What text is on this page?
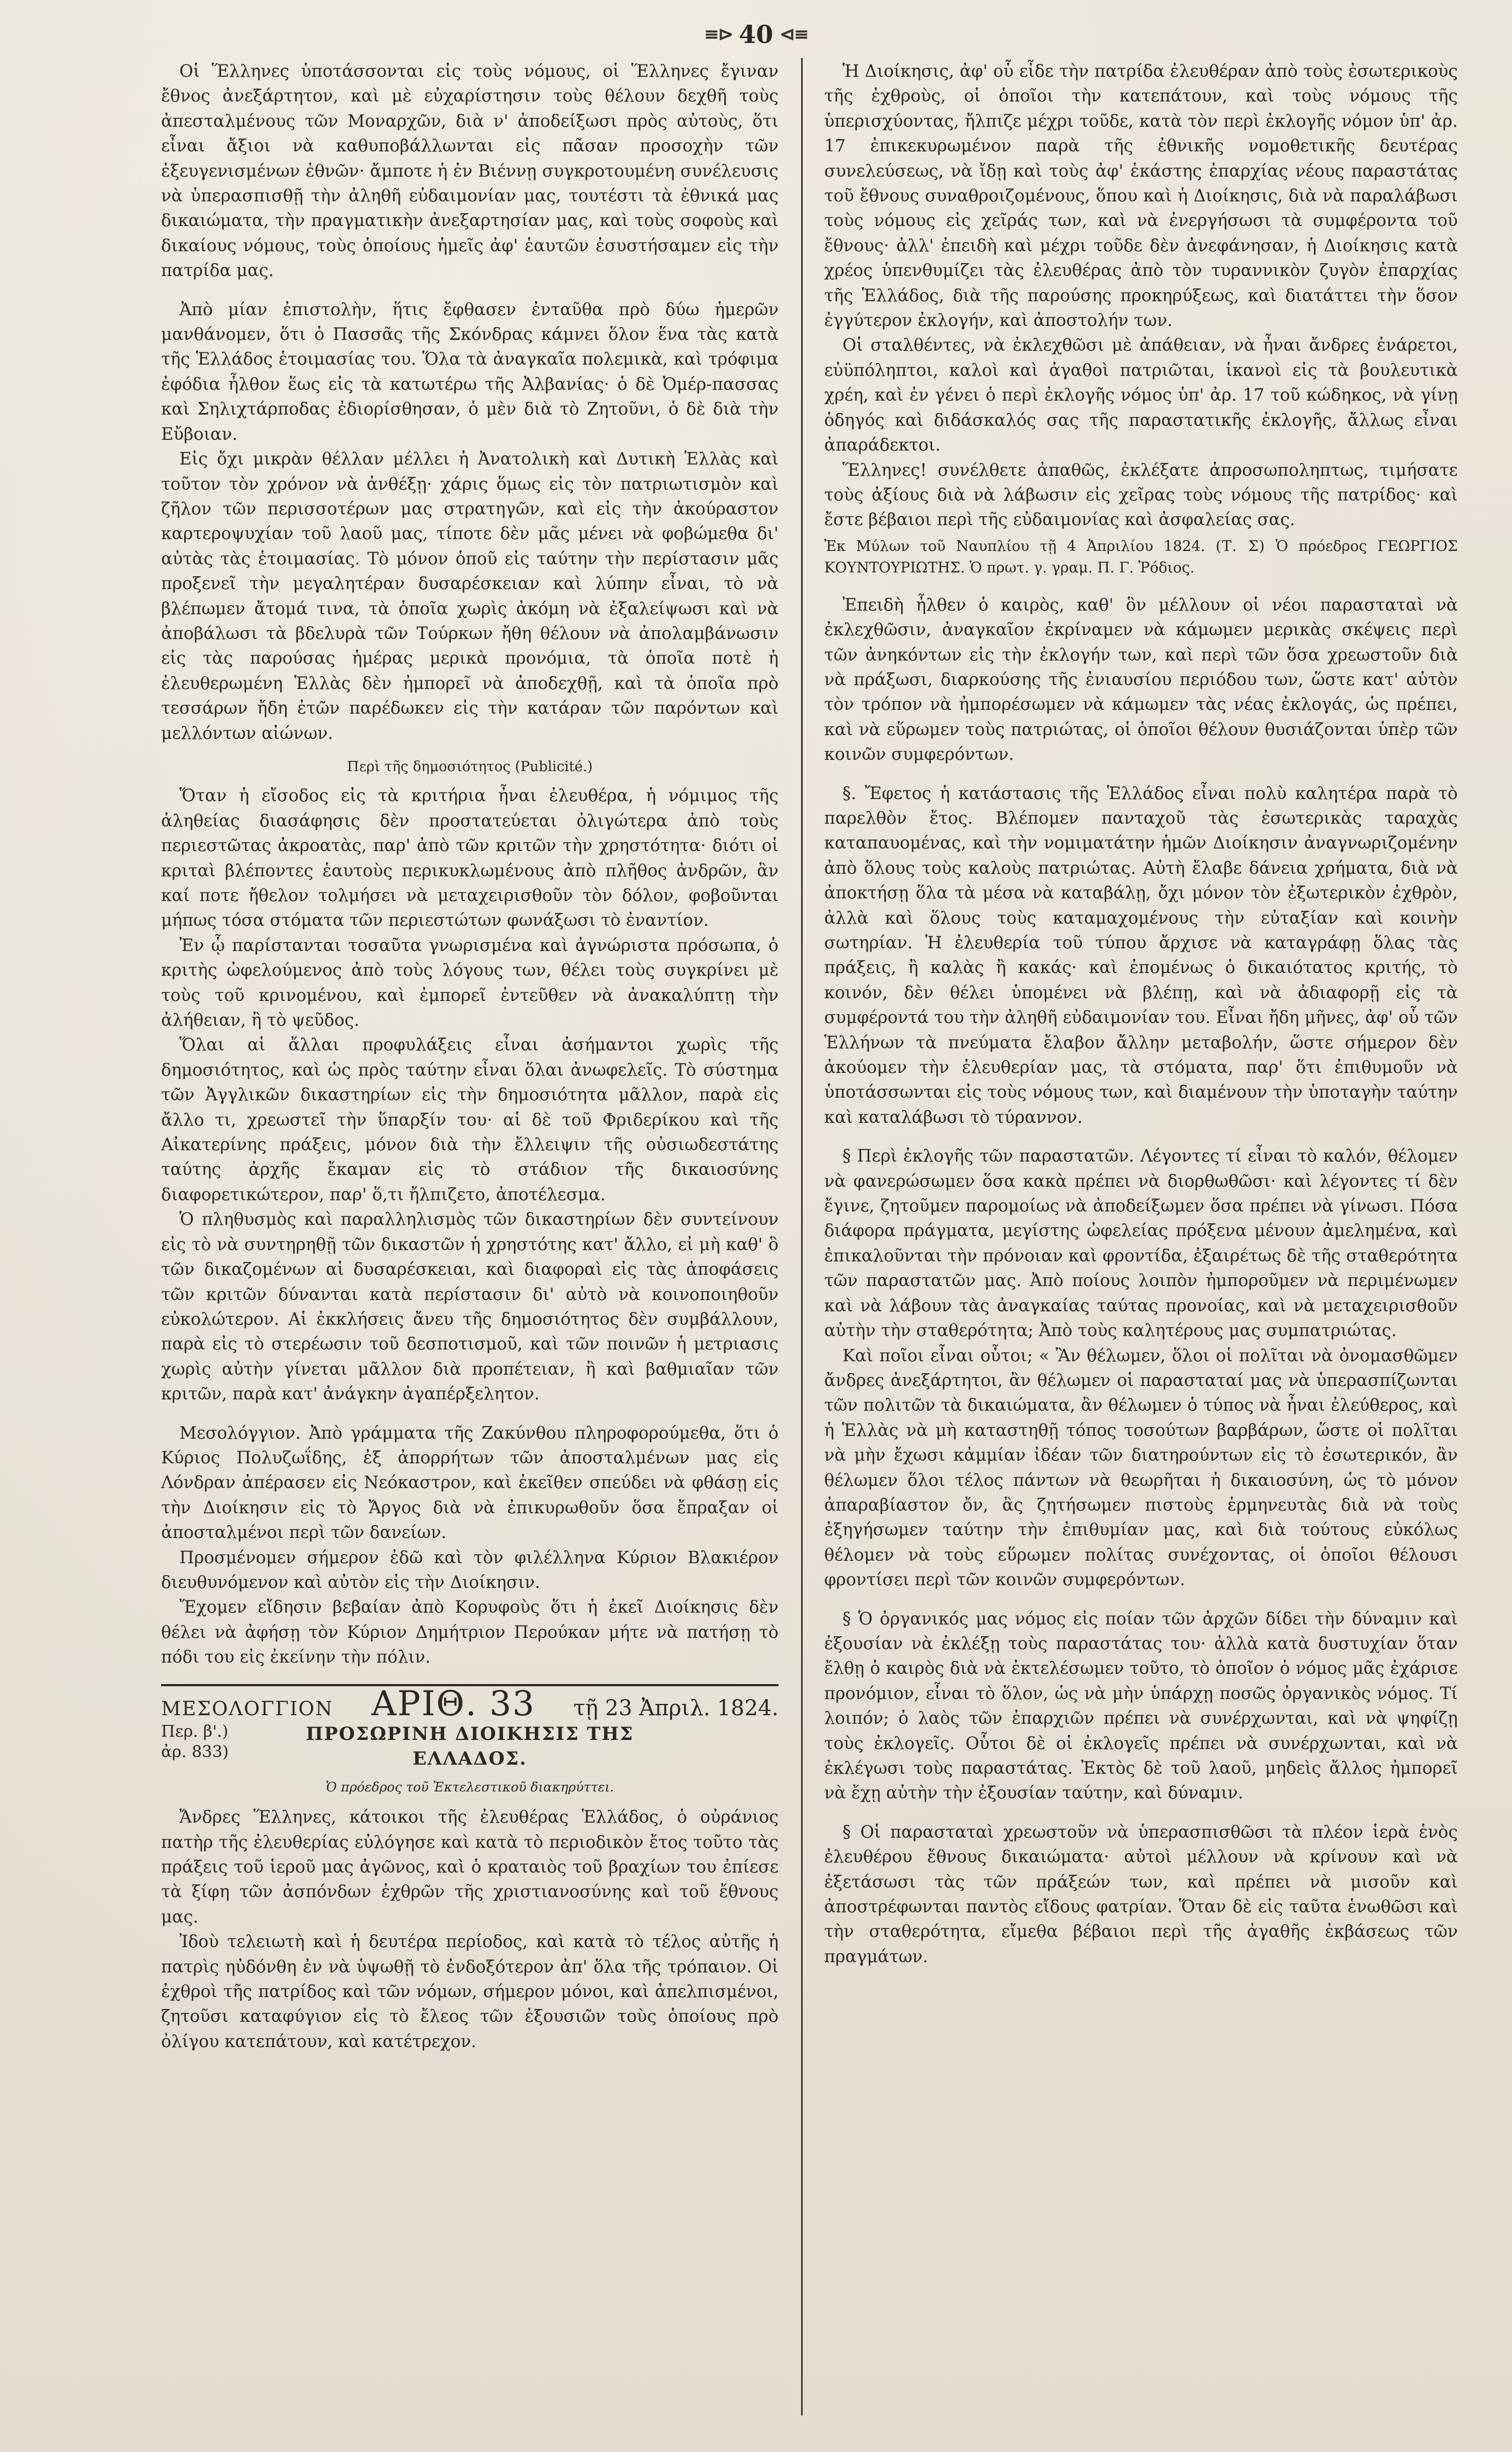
≡⊳ 40 ⊲≡

Οἱ Ἕλληνες ὑποτάσσονται εἰς τοὺς νόμους, οἱ Ἕλληνες ἔγιναν ἔθνος ἀνεξάρτητον, καὶ μὲ εὐχαρίστησιν τοὺς θέλουν δεχθῆ τοὺς ἀπεσταλμένους τῶν Μοναρχῶν, διὰ ν' ἀποδείξωσι πρὸς αὐτοὺς, ὅτι εἶναι ἄξιοι νὰ καθυποβάλλωνται εἰς πᾶσαν προσοχὴν τῶν ἐξευγενισμένων ἐθνῶν· ἄμποτε ἡ ἐν Βιέννῃ συγκροτουμένη συνέλευσις νὰ ὑπερασπισθῇ τὴν ἀληθῆ εὐδαιμονίαν μας, τουτέστι τὰ ἐθνικά μας δικαιώματα, τὴν πραγματικὴν ἀνεξαρτησίαν μας, καὶ τοὺς σοφοὺς καὶ δικαίους νόμους, τοὺς ὁποίους ἡμεῖς ἀφ' ἑαυτῶν ἐσυστήσαμεν εἰς τὴν πατρίδα μας.

Ἀπὸ μίαν ἐπιστολὴν, ἥτις ἔφθασεν ἐνταῦθα πρὸ δύω ἡμερῶν μανθάνομεν, ὅτι ὁ Πασσᾶς τῆς Σκόνδρας κάμνει ὅλον ἕνα τὰς κατὰ τῆς Ἑλλάδος ἑτοιμασίας του. Ὅλα τὰ ἀναγκαῖα πολεμικὰ, καὶ τρόφιμα ἐφόδια ἦλθον ἕως εἰς τὰ κατωτέρω τῆς Ἀλβανίας· ὁ δὲ Ὀμέρ-πασσας καὶ Σηλιχτάρποδας ἐδιορίσθησαν, ὁ μὲν διὰ τὸ Ζητοῦνι, ὁ δὲ διὰ τὴν Εὔβοιαν.

Εἰς ὄχι μικρὰν θέλλαν μέλλει ἡ Ἀνατολικὴ καὶ Δυτικὴ Ἑλλὰς καὶ τοῦτον τὸν χρόνον νὰ ἀνθέξῃ· χάρις ὅμως εἰς τὸν πατριωτισμὸν καὶ ζῆλον τῶν περισσοτέρων μας στρατηγῶν, καὶ εἰς τὴν ἀκούραστον καρτεροψυχίαν τοῦ λαοῦ μας, τίποτε δὲν μᾶς μένει νὰ φοβώμεθα δι' αὐτὰς τὰς ἑτοιμασίας. Τὸ μόνον ὁποῦ εἰς ταύτην τὴν περίστασιν μᾶς προξενεῖ τὴν μεγαλητέραν δυσαρέσκειαν καὶ λύπην εἶναι, τὸ νὰ βλέπωμεν ἄτομά τινα, τὰ ὁποῖα χωρὶς ἀκόμη νὰ ἐξαλείψωσι καὶ νὰ ἀποβάλωσι τὰ βδελυρὰ τῶν Τούρκων ἤθη θέλουν νὰ ἀπολαμβάνωσιν εἰς τὰς παρούσας ἡμέρας μερικὰ προνόμια, τὰ ὁποῖα ποτὲ ἡ ἐλευθερωμένη Ἑλλὰς δὲν ἠμπορεῖ νὰ ἀποδεχθῇ, καὶ τὰ ὁποῖα πρὸ τεσσάρων ἤδη ἐτῶν παρέδωκεν εἰς τὴν κατάραν τῶν παρόντων καὶ μελλόντων αἰώνων.

Περὶ τῆς δημοσιότητος (Publicité.)

Ὅταν ἡ εἴσοδος εἰς τὰ κριτήρια ἦναι ἐλευθέρα, ἡ νόμιμος τῆς ἀληθείας διασάφησις δὲν προστατεύεται ὀλιγώτερα ἀπὸ τοὺς περιεστῶτας ἀκροατὰς, παρ' ἀπὸ τῶν κριτῶν τὴν χρηστότητα· διότι οἱ κριταὶ βλέποντες ἑαυτοὺς περικυκλωμένους ἀπὸ πλῆθος ἀνδρῶν, ἂν καί ποτε ἤθελον τολμήσει νὰ μεταχειρισθοῦν τὸν δόλον, φοβοῦνται μήπως τόσα στόματα τῶν περιεστώτων φωνάξωσι τὸ ἐναντίον.

Ἐν ᾧ παρίστανται τοσαῦτα γνωρισμένα καὶ ἀγνώριστα πρόσωπα, ὁ κριτὴς ὠφελούμενος ἀπὸ τοὺς λόγους των, θέλει τοὺς συγκρίνει μὲ τοὺς τοῦ κρινομένου, καὶ ἐμπορεῖ ἐντεῦθεν νὰ ἀνακαλύπτῃ τὴν ἀλήθειαν, ἢ τὸ ψεῦδος.

Ὅλαι αἱ ἄλλαι προφυλάξεις εἶναι ἀσήμαντοι χωρὶς τῆς δημοσιότητος, καὶ ὡς πρὸς ταύτην εἶναι ὅλαι ἀνωφελεῖς. Τὸ σύστημα τῶν Ἀγγλικῶν δικαστηρίων εἰς τὴν δημοσιότητα μᾶλλον, παρὰ εἰς ἄλλο τι, χρεωστεῖ τὴν ὕπαρξίν του· αἱ δὲ τοῦ Φριδερίκου καὶ τῆς Αἰκατερίνης πράξεις, μόνον διὰ τὴν ἔλλειψιν τῆς οὐσιωδεστάτης ταύτης ἀρχῆς ἔκαμαν εἰς τὸ στάδιον τῆς δικαιοσύνης διαφορετικώτερον, παρ' ὅ,τι ἤλπιζετο, ἀποτέλεσμα.

Ὁ πληθυσμὸς καὶ παραλληλισμὸς τῶν δικαστηρίων δὲν συντείνουν εἰς τὸ νὰ συντηρηθῇ τῶν δικαστῶν ἡ χρηστότης κατ' ἄλλο, εἰ μὴ καθ' ὃ τῶν δικαζομένων αἱ δυσαρέσκειαι, καὶ διαφοραὶ εἰς τὰς ἀποφάσεις τῶν κριτῶν δύνανται κατὰ περίστασιν δι' αὐτὸ νὰ κοινοποιηθοῦν εὐκολώτερον. Αἱ ἐκκλήσεις ἄνευ τῆς δημοσιότητος δὲν συμβάλλουν, παρὰ εἰς τὸ στερέωσιν τοῦ δεσποτισμοῦ, καὶ τῶν ποινῶν ἡ μετριασις χωρὶς αὐτὴν γίνεται μᾶλλον διὰ προπέτειαν, ἢ καὶ βαθμιαῖαν τῶν κριτῶν, παρὰ κατ' ἀνάγκην ἀγαπέρξελητον.

Μεσολόγγιον. Ἀπὸ γράμματα τῆς Ζακύνθου πληροφορούμεθα, ὅτι ὁ Κύριος Πολυζωΐδης, ἐξ ἀπορρήτων τῶν ἀποσταλμένων μας εἰς Λόνδραν ἀπέρασεν εἰς Νεόκαστρον, καὶ ἐκεῖθεν σπεύδει νὰ φθάσῃ εἰς τὴν Διοίκησιν εἰς τὸ Ἄργος διὰ νὰ ἐπικυρωθοῦν ὅσα ἔπραξαν οἱ ἀποσταλμένοι περὶ τῶν δανείων.

Προσμένομεν σήμερον ἐδῶ καὶ τὸν φιλέλληνα Κύριον Βλακιέρον διευθυνόμενον καὶ αὐτὸν εἰς τὴν Διοίκησιν.

Ἔχομεν εἴδησιν βεβαίαν ἀπὸ Κορυφοὺς ὅτι ἡ ἐκεῖ Διοίκησις δὲν θέλει νὰ ἀφήσῃ τὸν Κύριον Δημήτριον Περούκαν μήτε νὰ πατήσῃ τὸ πόδι του εἰς ἐκείνην τὴν πόλιν.

ΜΕΣΟΛΟΓΓΙΟΝ ΑΡΙΘ. 33 τῇ 23 Ἀπριλ. 1824.
Περ. β'.)
ἀρ. 833)
ΠΡΟΣΩΡΙΝΗ ΔΙΟΙΚΗΣΙΣ ΤΗΣ ΕΛΛΑΔΟΣ.
Ὁ πρόεδρος τοῦ Ἐκτελεστικοῦ διακηρύττει.

Ἄνδρες Ἕλληνες, κάτοικοι τῆς ἐλευθέρας Ἑλλάδος, ὁ οὐράνιος πατὴρ τῆς ἐλευθερίας εὐλόγησε καὶ κατὰ τὸ περιοδικὸν ἔτος τοῦτο τὰς πράξεις τοῦ ἱεροῦ μας ἀγῶνος, καὶ ὁ κραταιὸς τοῦ βραχίων του ἐπίεσε τὰ ξίφη τῶν ἀσπόνδων ἐχθρῶν τῆς χριστιανοσύνης καὶ τοῦ ἔθνους μας.

Ἰδοὺ τελειωτὴ καὶ ἡ δευτέρα περίοδος, καὶ κατὰ τὸ τέλος αὐτῆς ἡ πατρὶς ηὐδόνθη ἐν νὰ ὑψωθῇ τὸ ἐνδοξότερον ἀπ' ὅλα τῆς τρόπαιον. Οἱ ἐχθροὶ τῆς πατρίδος καὶ τῶν νόμων, σήμερον μόνοι, καὶ ἀπελπισμένοι, ζητοῦσι καταφύγιον εἰς τὸ ἔλεος τῶν ἐξουσιῶν τοὺς ὁποίους πρὸ ὀλίγου κατεπάτουν, καὶ κατέτρεχον.

Ἡ Διοίκησις, ἀφ' οὗ εἶδε τὴν πατρίδα ἐλευθέραν ἀπὸ τοὺς ἐσωτερικοὺς τῆς ἐχθροὺς, οἱ ὁποῖοι τὴν κατεπάτουν, καὶ τοὺς νόμους τῆς ὑπερισχύοντας, ἤλπιζε μέχρι τοῦδε, κατὰ τὸν περὶ ἐκλογῆς νόμον ὑπ' ἀρ. 17 ἐπικεκυρωμένον παρὰ τῆς ἐθνικῆς νομοθετικῆς δευτέρας συνελεύσεως, νὰ ἴδῃ καὶ τοὺς ἀφ' ἑκάστης ἐπαρχίας νέους παραστάτας τοῦ ἔθνους συναθροιζομένους, ὅπου καὶ ἡ Διοίκησις, διὰ νὰ παραλάβωσι τοὺς νόμους εἰς χεῖράς των, καὶ νὰ ἐνεργήσωσι τὰ συμφέροντα τοῦ ἔθνους· ἀλλ' ἐπειδὴ καὶ μέχρι τοῦδε δὲν ἀνεφάνησαν, ἡ Διοίκησις κατὰ χρέος ὑπενθυμίζει τὰς ἐλευθέρας ἀπὸ τὸν τυραννικὸν ζυγὸν ἐπαρχίας τῆς Ἑλλάδος, διὰ τῆς παρούσης προκηρύξεως, καὶ διατάττει τὴν ὅσον ἐγγύτερον ἐκλογήν, καὶ ἀποστολήν των.

Οἱ σταλθέντες, νὰ ἐκλεχθῶσι μὲ ἀπάθειαν, νὰ ἦναι ἄνδρες ἐνάρετοι, εὐϋπόληπτοι, καλοὶ καὶ ἀγαθοὶ πατριῶται, ἱκανοὶ εἰς τὰ βουλευτικὰ χρέη, καὶ ἐν γένει ὁ περὶ ἐκλογῆς νόμος ὑπ' ἀρ. 17 τοῦ κώδηκος, νὰ γίνῃ ὁδηγός καὶ διδάσκαλός σας τῆς παραστατικῆς ἐκλογῆς, ἄλλως εἶναι ἀπαράδεκτοι.

Ἕλληνες! συνέλθετε ἀπαθῶς, ἐκλέξατε ἀπροσωποληπτως, τιμήσατε τοὺς ἀξίους διὰ νὰ λάβωσιν εἰς χεῖρας τοὺς νόμους τῆς πατρίδος· καὶ ἔστε βέβαιοι περὶ τῆς εὐδαιμονίας καὶ ἀσφαλείας σας.

Ἐκ Μύλων τοῦ Ναυπλίου τῇ 4 Ἀπριλίου 1824. (Τ. Σ) Ὁ πρόεδρος ΓΕΩΡΓΙΟΣ ΚΟΥΝΤΟΥΡΙΩΤΗΣ. Ὁ πρωτ. γ. γραμ. Π. Γ. Ῥόδιος.

Ἐπειδὴ ἦλθεν ὁ καιρὸς, καθ' ὃν μέλλουν οἱ νέοι παρασταταὶ νὰ ἐκλεχθῶσιν, ἀναγκαῖον ἐκρίναμεν νὰ κάμωμεν μερικὰς σκέψεις περὶ τῶν ἀνηκόντων εἰς τὴν ἐκλογήν των, καὶ περὶ τῶν ὅσα χρεωστοῦν διὰ νὰ πράξωσι, διαρκούσης τῆς ἐνιαυσίου περιόδου των, ὥστε κατ' αὐτὸν τὸν τρόπον νὰ ἠμπορέσωμεν νὰ κάμωμεν τὰς νέας ἐκλογάς, ὡς πρέπει, καὶ νὰ εὕρωμεν τοὺς πατριώτας, οἱ ὁποῖοι θέλουν θυσιάζονται ὑπὲρ τῶν κοινῶν συμφερόντων.

§. Ἔφετος ἡ κατάστασις τῆς Ἑλλάδος εἶναι πολὺ καλητέρα παρὰ τὸ παρελθὸν ἔτος. Βλέπομεν πανταχοῦ τὰς ἐσωτερικὰς ταραχὰς καταπαυομένας, καὶ τὴν νομιματάτην ἡμῶν Διοίκησιν ἀναγνωριζομένην ἀπὸ ὅλους τοὺς καλοὺς πατριώτας. Αὐτὴ ἔλαβε δάνεια χρήματα, διὰ νὰ ἀποκτήσῃ ὅλα τὰ μέσα νὰ καταβάλῃ, ὄχι μόνον τὸν ἐξωτερικὸν ἐχθρὸν, ἀλλὰ καὶ ὅλους τοὺς καταμαχομένους τὴν εὐταξίαν καὶ κοινὴν σωτηρίαν. Ἡ ἐλευθερία τοῦ τύπου ἄρχισε νὰ καταγράφῃ ὅλας τὰς πράξεις, ἢ καλὰς ἢ κακάς· καὶ ἐπομένως ὁ δικαιότατος κριτής, τὸ κοινόν, δὲν θέλει ὑπομένει νὰ βλέπῃ, καὶ νὰ ἀδιαφορῇ εἰς τὰ συμφέροντά του τὴν ἀληθῆ εὐδαιμονίαν του. Εἶναι ἤδη μῆνες, ἀφ' οὗ τῶν Ἑλλήνων τὰ πνεύματα ἔλαβον ἄλλην μεταβολήν, ὥστε σήμερον δὲν ἀκούομεν τὴν ἐλευθερίαν μας, τὰ στόματα, παρ' ὅτι ἐπιθυμοῦν νὰ ὑποτάσσωνται εἰς τοὺς νόμους των, καὶ διαμένουν τὴν ὑποταγὴν ταύτην καὶ καταλάβωσι τὸ τύραννον.

§ Περὶ ἐκλογῆς τῶν παραστατῶν. Λέγοντες τί εἶναι τὸ καλόν, θέλομεν νὰ φανερώσωμεν ὅσα κακὰ πρέπει νὰ διορθωθῶσι· καὶ λέγοντες τί δὲν ἔγινε, ζητοῦμεν παρομοίως νὰ ἀποδείξωμεν ὅσα πρέπει νὰ γίνωσι. Πόσα διάφορα πράγματα, μεγίστης ὠφελείας πρόξενα μένουν ἀμελημένα, καὶ ἐπικαλοῦνται τὴν πρόνοιαν καὶ φροντίδα, ἐξαιρέτως δὲ τῆς σταθερότητα τῶν παραστατῶν μας. Ἀπὸ ποίους λοιπὸν ἠμποροῦμεν νὰ περιμένωμεν καὶ νὰ λάβουν τὰς ἀναγκαίας ταύτας προνοίας, καὶ νὰ μεταχειρισθοῦν αὐτὴν τὴν σταθερότητα; Ἀπὸ τοὺς καλητέρους μας συμπατριώτας.

Καὶ ποῖοι εἶναι οὗτοι; « Ἂν θέλωμεν, ὅλοι οἱ πολῖται νὰ ὀνομασθῶμεν ἄνδρες ἀνεξάρτητοι, ἂν θέλωμεν οἱ παρασταταί μας νὰ ὑπερασπίζωνται τῶν πολιτῶν τὰ δικαιώματα, ἂν θέλωμεν ὁ τύπος νὰ ἦναι ἐλεύθερος, καὶ ἡ Ἑλλὰς νὰ μὴ καταστηθῇ τόπος τοσούτων βαρβάρων, ὥστε οἱ πολῖται νὰ μὴν ἔχωσι κἀμμίαν ἰδέαν τῶν διατηρούντων εἰς τὸ ἐσωτερικόν, ἂν θέλωμεν ὅλοι τέλος πάντων νὰ θεωρῆται ἡ δικαιοσύνη, ὡς τὸ μόνον ἀπαραβίαστον ὄν, ἂς ζητήσωμεν πιστοὺς ἑρμηνευτὰς διὰ νὰ τοὺς ἐξηγήσωμεν ταύτην τὴν ἐπιθυμίαν μας, καὶ διὰ τούτους εὐκόλως θέλομεν νὰ τοὺς εὕρωμεν πολίτας συνέχοντας, οἱ ὁποῖοι θέλουσι φροντίσει περὶ τῶν κοινῶν συμφερόντων.

§ Ὁ ὀργανικός μας νόμος εἰς ποίαν τῶν ἀρχῶν δίδει τὴν δύναμιν καὶ ἐξουσίαν νὰ ἐκλέξῃ τοὺς παραστάτας του· ἀλλὰ κατὰ δυστυχίαν ὅταν ἔλθῃ ὁ καιρὸς διὰ νὰ ἐκτελέσωμεν τοῦτο, τὸ ὁποῖον ὁ νόμος μᾶς ἐχάρισε προνόμιον, εἶναι τὸ ὅλον, ὡς νὰ μὴν ὑπάρχῃ ποσῶς ὀργανικὸς νόμος. Τί λοιπόν; ὁ λαὸς τῶν ἐπαρχιῶν πρέπει νὰ συνέρχωνται, καὶ νὰ ψηφίζῃ τοὺς ἐκλογεῖς. Οὗτοι δὲ οἱ ἐκλογεῖς πρέπει νὰ συνέρχωνται, καὶ νὰ ἐκλέγωσι τοὺς παραστάτας. Ἐκτὸς δὲ τοῦ λαοῦ, μηδεὶς ἄλλος ἠμπορεῖ νὰ ἔχῃ αὐτὴν τὴν ἐξουσίαν ταύτην, καὶ δύναμιν.

§ Οἱ παρασταταὶ χρεωστοῦν νὰ ὑπερασπισθῶσι τὰ πλέον ἱερὰ ἑνὸς ἐλευθέρου ἔθνους δικαιώματα· αὐτοὶ μέλλουν νὰ κρίνουν καὶ νὰ ἐξετάσωσι τὰς τῶν πράξεών των, καὶ πρέπει νὰ μισοῦν καὶ ἀποστρέφωνται παντὸς εἴδους φατρίαν. Ὅταν δὲ εἰς ταῦτα ἑνωθῶσι καὶ τὴν σταθερότητα, εἴμεθα βέβαιοι περὶ τῆς ἀγαθῆς ἐκβάσεως τῶν πραγμάτων.
